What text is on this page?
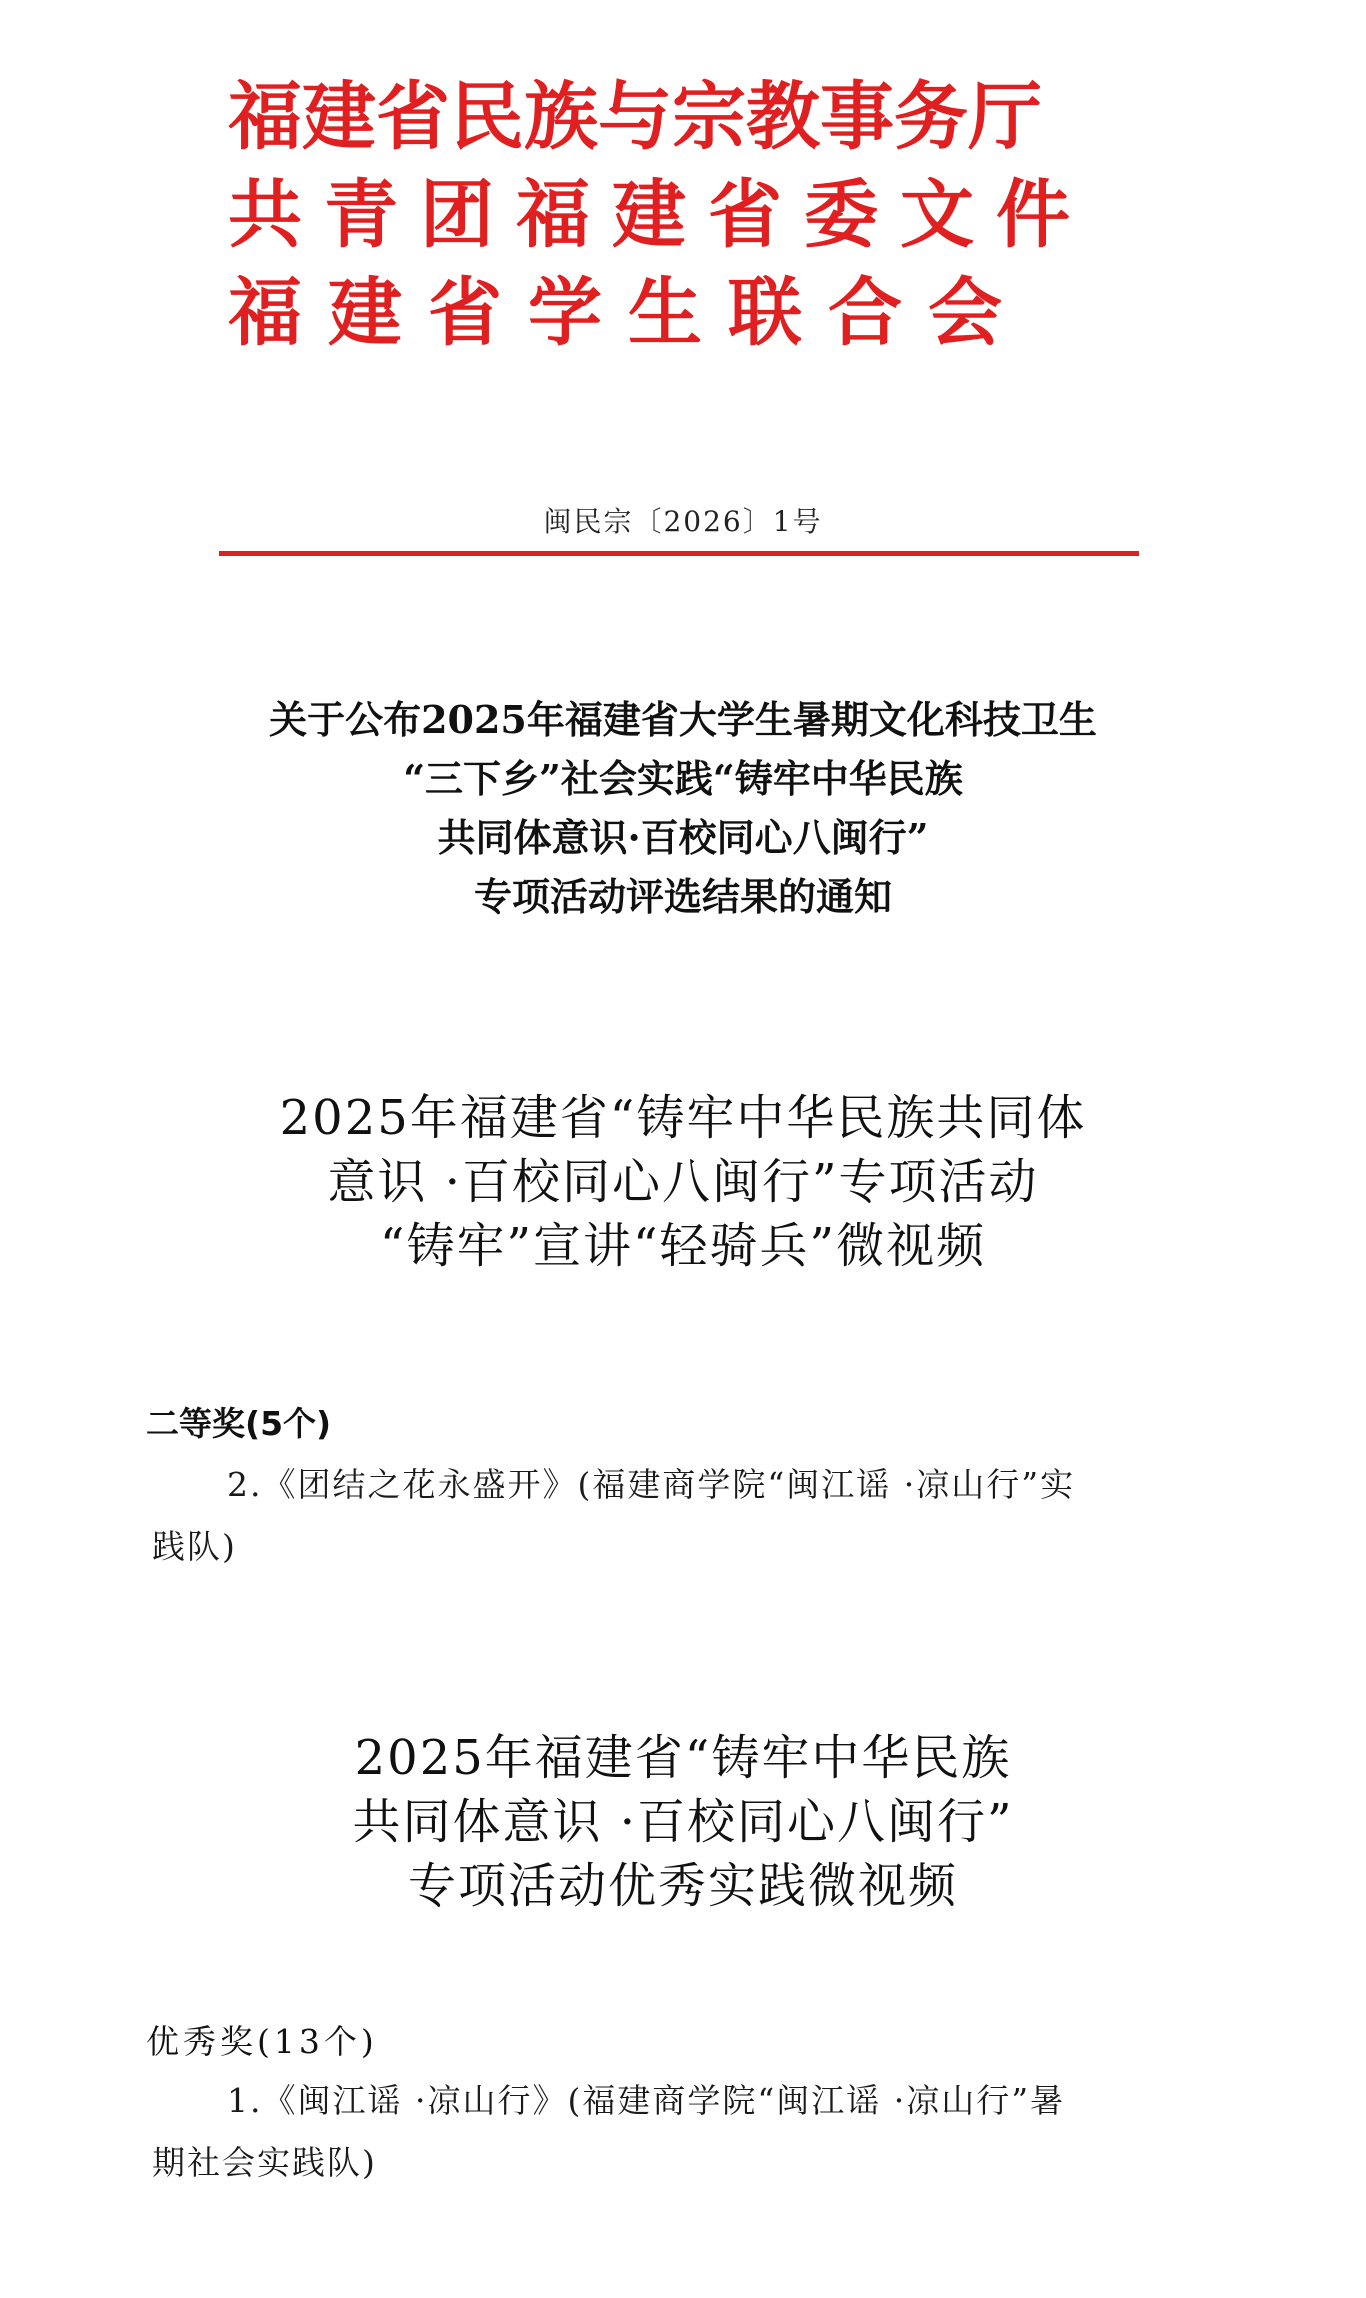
福建省民族与宗教事务厅
共青团福建省委文件
福建省学生联合会
闽民宗〔2026〕1号
关于公布2025年福建省大学生暑期文化科技卫生
“三下乡”社会实践“铸牢中华民族
共同体意识·百校同心八闽行”
专项活动评选结果的通知
2025年福建省“铸牢中华民族共同体
意识 ·百校同心八闽行”专项活动
“铸牢”宣讲“轻骑兵”微视频
二等奖(5个)
2.《团结之花永盛开》(福建商学院“闽江谣 ·凉山行”实
践队)
2025年福建省“铸牢中华民族
共同体意识 ·百校同心八闽行”
专项活动优秀实践微视频
优秀奖(13个)
1.《闽江谣 ·凉山行》(福建商学院“闽江谣 ·凉山行”暑
期社会实践队)
